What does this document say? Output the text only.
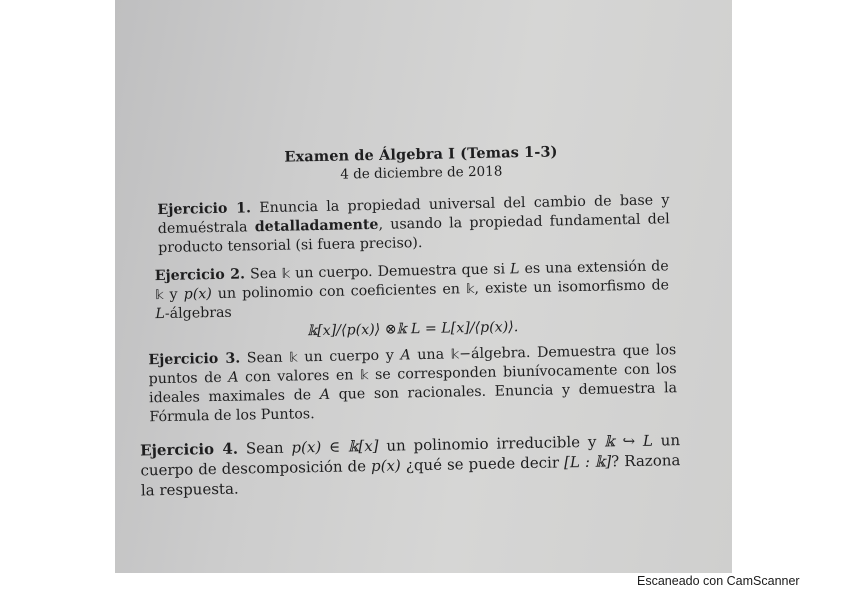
Examen de Álgebra I (Temas 1-3)
4 de diciembre de 2018
Ejercicio 1. Enuncia la propiedad universal del cambio de base y demuéstrala detalladamente, usando la propiedad fundamental del producto tensorial (si fuera preciso).
Ejercicio 2. Sea 𝕜 un cuerpo. Demuestra que si L es una extensión de 𝕜 y p(x) un polinomio con coeficientes en 𝕜, existe un isomorfismo de L-álgebras
𝕜[x]/⟨p(x)⟩ ⊗𝕜 L = L[x]/⟨p(x)⟩.
Ejercicio 3. Sean 𝕜 un cuerpo y A una 𝕜−álgebra. Demuestra que los puntos de A con valores en 𝕜 se corresponden biunívocamente con los ideales maximales de A que son racionales. Enuncia y demuestra la Fórmula de los Puntos.
Ejercicio 4. Sean p(x) ∈ 𝕜[x] un polinomio irreducible y 𝕜 ↪ L un cuerpo de descomposición de p(x) ¿qué se puede decir [L : 𝕜]? Razona la respuesta.
Escaneado con CamScanner
